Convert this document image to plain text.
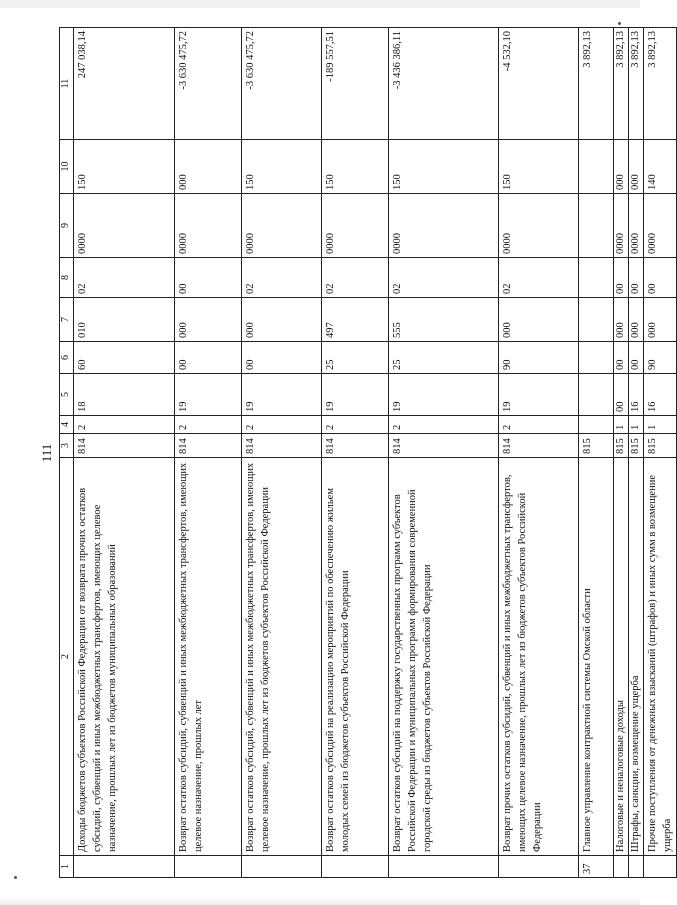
111
1	2	3	4	5	6	7	8	9	10	11
	Доходы бюджетов субъектов Российской Федерации от возврата прочих остатков субсидий, субвенций и иных межбюджетных трансфертов, имеющих целевое назначение, прошлых лет из бюджетов муниципальных образований	814	2	18	60	010	02	0000	150	247 038,14
	Возврат остатков субсидий, субвенций и иных межбюджетных трансфертов, имеющих целевое назначение, прошлых лет	814	2	19	00	000	00	0000	000	-3 630 475,72
	Возврат остатков субсидий, субвенций и иных межбюджетных трансфертов, имеющих целевое назначение, прошлых лет из бюджетов субъектов Российской Федерации	814	2	19	00	000	02	0000	150	-3 630 475,72
	Возврат остатков субсидий на реализацию мероприятий по обеспечению жильем молодых семей из бюджетов субъектов Российской Федерации	814	2	19	25	497	02	0000	150	-189 557,51
	Возврат остатков субсидий на поддержку государственных программ субъектов Российской Федерации и муниципальных программ формирования современной городской среды из бюджетов субъектов Российской Федерации	814	2	19	25	555	02	0000	150	-3 436 386,11
	Возврат прочих остатков субсидий, субвенций и иных межбюджетных трансфертов, имеющих целевое назначение, прошлых лет из бюджетов субъектов Российской Федерации	814	2	19	90	000	02	0000	150	-4 532,10
37	Главное управление контрактной системы Омской области	815								3 892,13
	Налоговые и неналоговые доходы	815	1	00	00	000	00	0000	000	3 892,13
	Штрафы, санкции, возмещение ущерба	815	1	16	00	000	00	0000	000	3 892,13
	Прочие поступления от денежных взысканий (штрафов) и иных сумм в возмещение ущерба	815	1	16	90	000	00	0000	140	3 892,13
